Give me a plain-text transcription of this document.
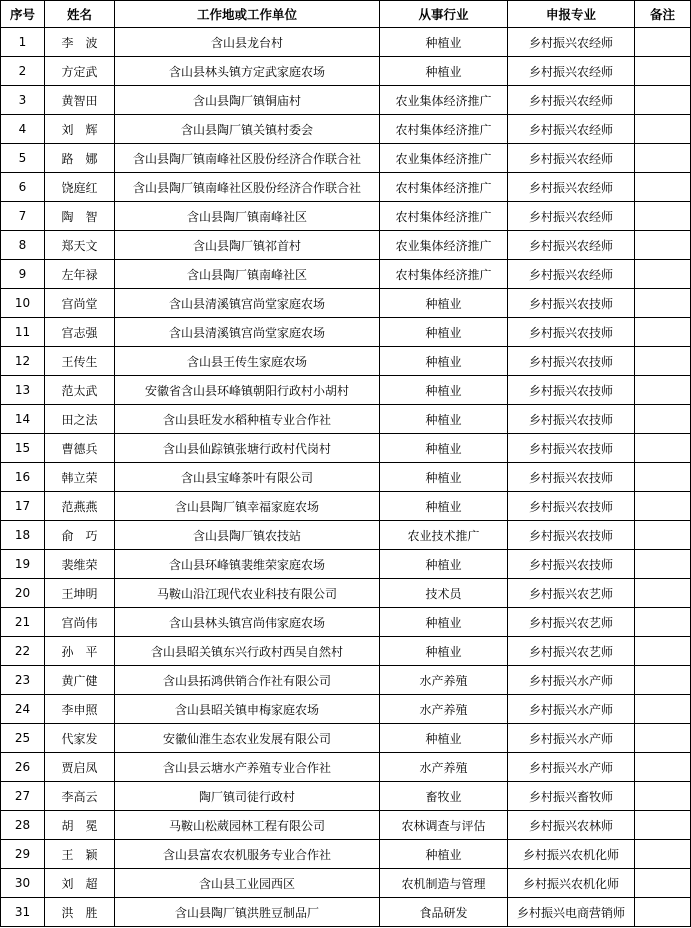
序号	姓名	工作地或工作单位	从事行业	申报专业	备注
1	李　波	含山县龙台村	种植业	乡村振兴农经师	
2	方定武	含山县林头镇方定武家庭农场	种植业	乡村振兴农经师	
3	黄智田	含山县陶厂镇铜庙村	农业集体经济推广	乡村振兴农经师	
4	刘　辉	含山县陶厂镇关镇村委会	农村集体经济推广	乡村振兴农经师	
5	路　娜	含山县陶厂镇南峰社区股份经济合作联合社	农业集体经济推广	乡村振兴农经师	
6	饶庭红	含山县陶厂镇南峰社区股份经济合作联合社	农村集体经济推广	乡村振兴农经师	
7	陶　智	含山县陶厂镇南峰社区	农村集体经济推广	乡村振兴农经师	
8	郑天文	含山县陶厂镇祁首村	农业集体经济推广	乡村振兴农经师	
9	左年禄	含山县陶厂镇南峰社区	农村集体经济推广	乡村振兴农经师	
10	宫尚堂	含山县清溪镇宫尚堂家庭农场	种植业	乡村振兴农技师	
11	宫志强	含山县清溪镇宫尚堂家庭农场	种植业	乡村振兴农技师	
12	王传生	含山县王传生家庭农场	种植业	乡村振兴农技师	
13	范太武	安徽省含山县环峰镇朝阳行政村小胡村	种植业	乡村振兴农技师	
14	田之法	含山县旺发水稻种植专业合作社	种植业	乡村振兴农技师	
15	曹德兵	含山县仙踪镇张塘行政村代岗村	种植业	乡村振兴农技师	
16	韩立荣	含山县宝峰茶叶有限公司	种植业	乡村振兴农技师	
17	范燕燕	含山县陶厂镇幸福家庭农场	种植业	乡村振兴农技师	
18	俞　巧	含山县陶厂镇农技站	农业技术推广	乡村振兴农技师	
19	裴维荣	含山县环峰镇裴维荣家庭农场	种植业	乡村振兴农技师	
20	王坤明	马鞍山沿江现代农业科技有限公司	技术员	乡村振兴农艺师	
21	宫尚伟	含山县林头镇宫尚伟家庭农场	种植业	乡村振兴农艺师	
22	孙　平	含山县昭关镇东兴行政村西吴自然村	种植业	乡村振兴农艺师	
23	黄广健	含山县拓鸿供销合作社有限公司	水产养殖	乡村振兴水产师	
24	李申照	含山县昭关镇申梅家庭农场	水产养殖	乡村振兴水产师	
25	代家发	安徽仙淮生态农业发展有限公司	种植业	乡村振兴水产师	
26	贾启凤	含山县云塘水产养殖专业合作社	水产养殖	乡村振兴水产师	
27	李高云	陶厂镇司徒行政村	畜牧业	乡村振兴畜牧师	
28	胡　冕	马鞍山松葳园林工程有限公司	农林调查与评估	乡村振兴农林师	
29	王　颖	含山县富农农机服务专业合作社	种植业	乡村振兴农机化师	
30	刘　超	含山县工业园西区	农机制造与管理	乡村振兴农机化师	
31	洪　胜	含山县陶厂镇洪胜豆制品厂	食品研发	乡村振兴电商营销师	
